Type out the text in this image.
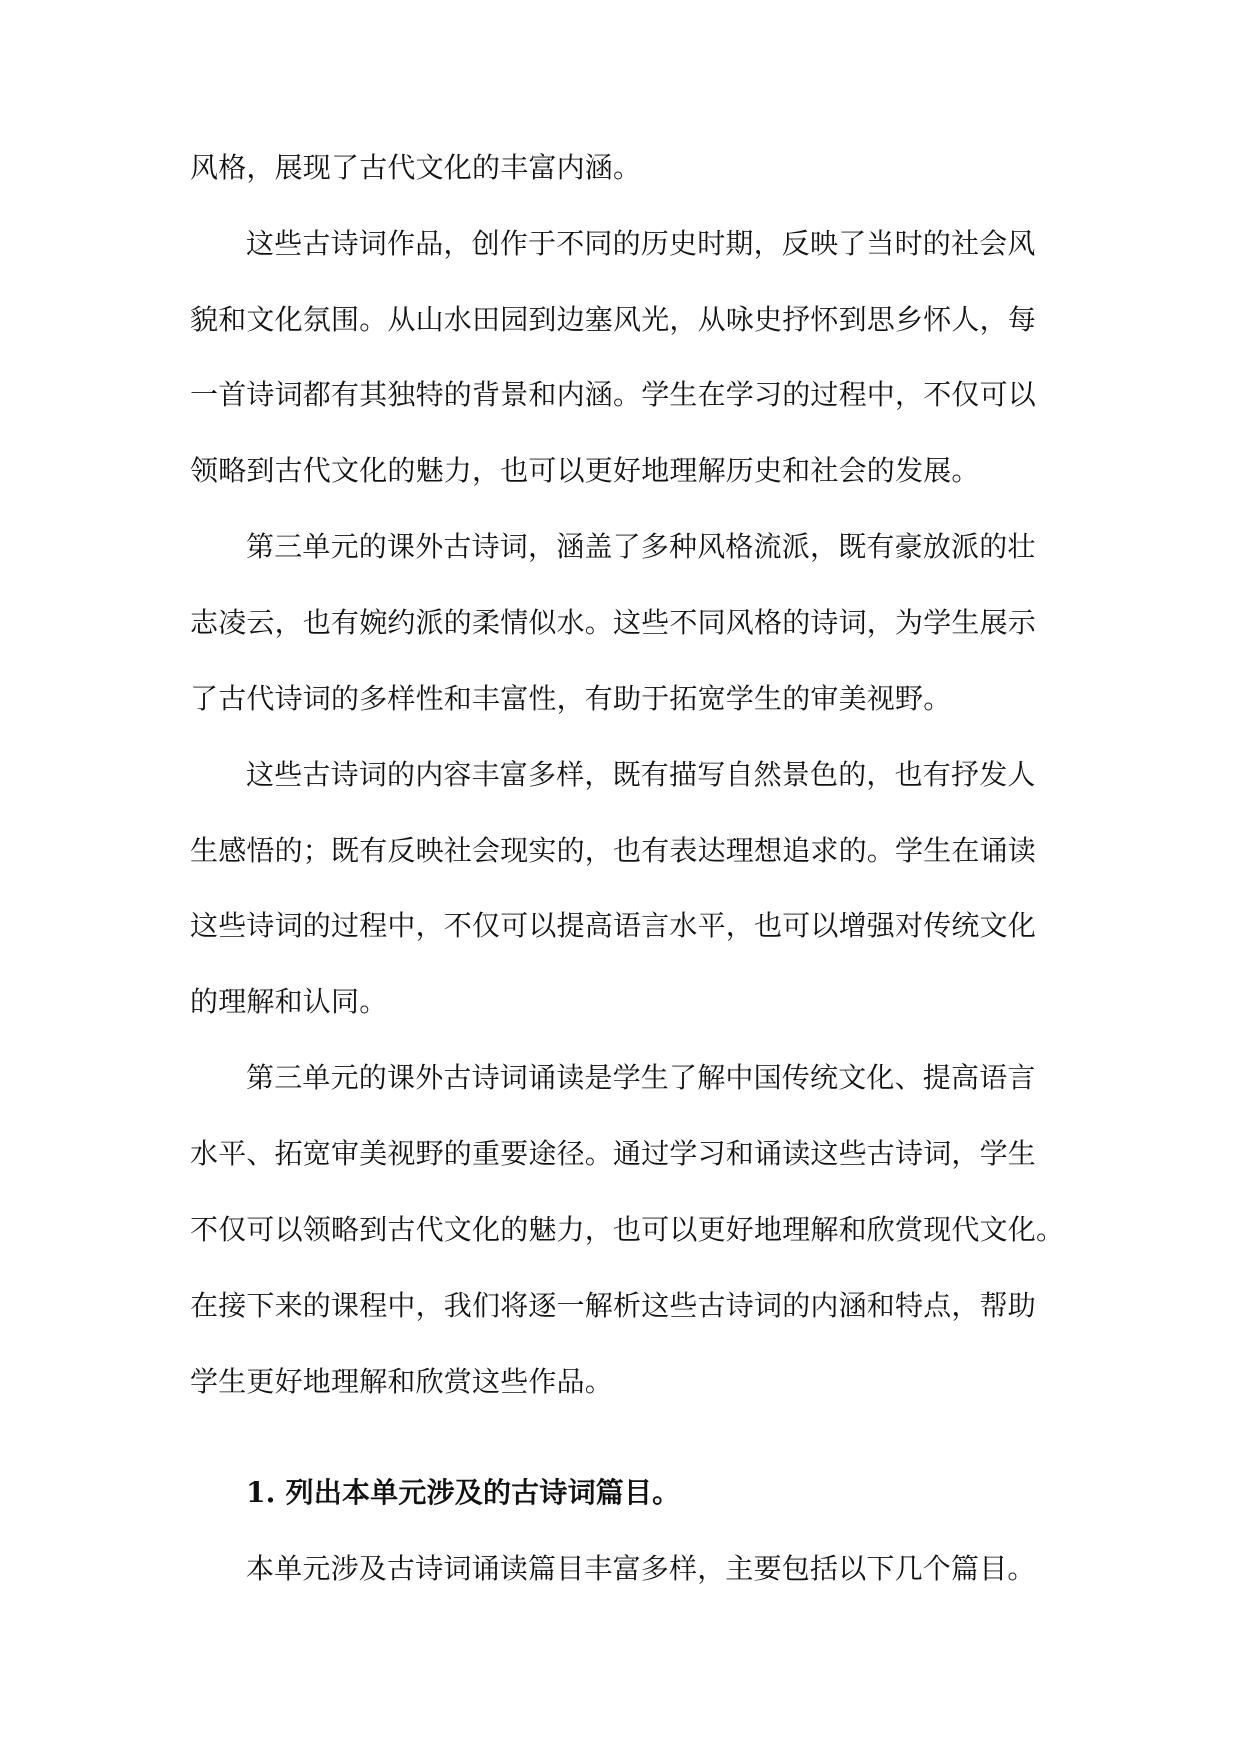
风格，展现了古代文化的丰富内涵。
这些古诗词作品，创作于不同的历史时期，反映了当时的社会风
貌和文化氛围。从山水田园到边塞风光，从咏史抒怀到思乡怀人，每
一首诗词都有其独特的背景和内涵。学生在学习的过程中，不仅可以
领略到古代文化的魅力，也可以更好地理解历史和社会的发展。
第三单元的课外古诗词，涵盖了多种风格流派，既有豪放派的壮
志凌云，也有婉约派的柔情似水。这些不同风格的诗词，为学生展示
了古代诗词的多样性和丰富性，有助于拓宽学生的审美视野。
这些古诗词的内容丰富多样，既有描写自然景色的，也有抒发人
生感悟的；既有反映社会现实的，也有表达理想追求的。学生在诵读
这些诗词的过程中，不仅可以提高语言水平，也可以增强对传统文化
的理解和认同。
第三单元的课外古诗词诵读是学生了解中国传统文化、提高语言
水平、拓宽审美视野的重要途径。通过学习和诵读这些古诗词，学生
不仅可以领略到古代文化的魅力，也可以更好地理解和欣赏现代文化。
在接下来的课程中，我们将逐一解析这些古诗词的内涵和特点，帮助
学生更好地理解和欣赏这些作品。
1. 列出本单元涉及的古诗词篇目。
本单元涉及古诗词诵读篇目丰富多样，主要包括以下几个篇目。
